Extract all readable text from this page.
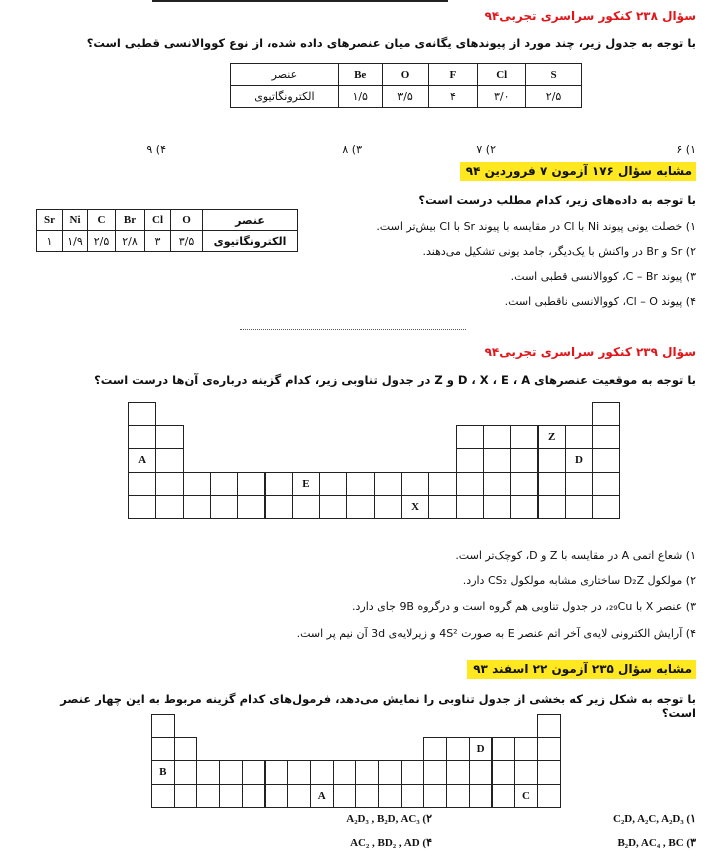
سؤال ۲۳۸ کنکور سراسری تجربی۹۴
با توجه به جدول زیر، چند مورد از پیوندهای یگانه‌ی میان عنصرهای داده شده، از نوع کووالانسی قطبی است؟
عنصر	Be	O	F	Cl	S
الکترونگاتیوی	۱/۵	۳/۵	۴	۳/۰	۲/۵
۱) ۶
۲) ۷
۳) ۸
۴) ۹
مشابه سؤال ۱۷۶ آزمون ۷ فروردین ۹۴
با توجه به داده‌های زیر، کدام مطلب درست است؟
Sr	Ni	C	Br	Cl	O	عنصر
۱	۱/۹	۲/۵	۲/۸	۳	۳/۵	الکترونگاتیوی
۱) خصلت یونی پیوند Ni با Cl در مقایسه با پیوند Sr با Cl بیش‌تر است.
۲) Sr و Br در واکنش با یک‌دیگر، جامد یونی تشکیل می‌دهند.
۳) پیوند C – Br، کووالانسی قطبی است.
۴) پیوند Cl – O، کووالانسی ناقطبی است.
سؤال ۲۳۹ کنکور سراسری تجربی۹۴
با توجه به موقعیت عنصرهای D ، X ، E ، A و Z در جدول تناوبی زیر، کدام گزینه درباره‌ی آن‌ها درست است؟
Z
A	D
E
X
۱) شعاع اتمی A در مقایسه با Z و D، کوچک‌تر است.
۲) مولکول D₂Z ساختاری مشابه مولکول CS₂ دارد.
۳) عنصر X با ₂₉Cu، در جدول تناوبی هم گروه است و درگروه 9B جای دارد.
۴) آرایش الکترونی لایه‌ی آخر اتم عنصر E به صورت 4S² و زیرلایه‌ی 3d آن نیم پر است.
مشابه سؤال ۲۳۵ آزمون ۲۲ اسفند ۹۳
با توجه به شکل زیر که بخشی از جدول تناوبی را نمایش می‌دهد، فرمول‌های کدام گزینه مربوط به این چهار عنصر است؟
D
B
A	C
۱) C₂D, A₂C, A₂D₃
۲) A₂D₃ , B₂D, AC₃
۳) B₂D, AC₄ , BC
۴) AC₂ , BD₂ , AD
